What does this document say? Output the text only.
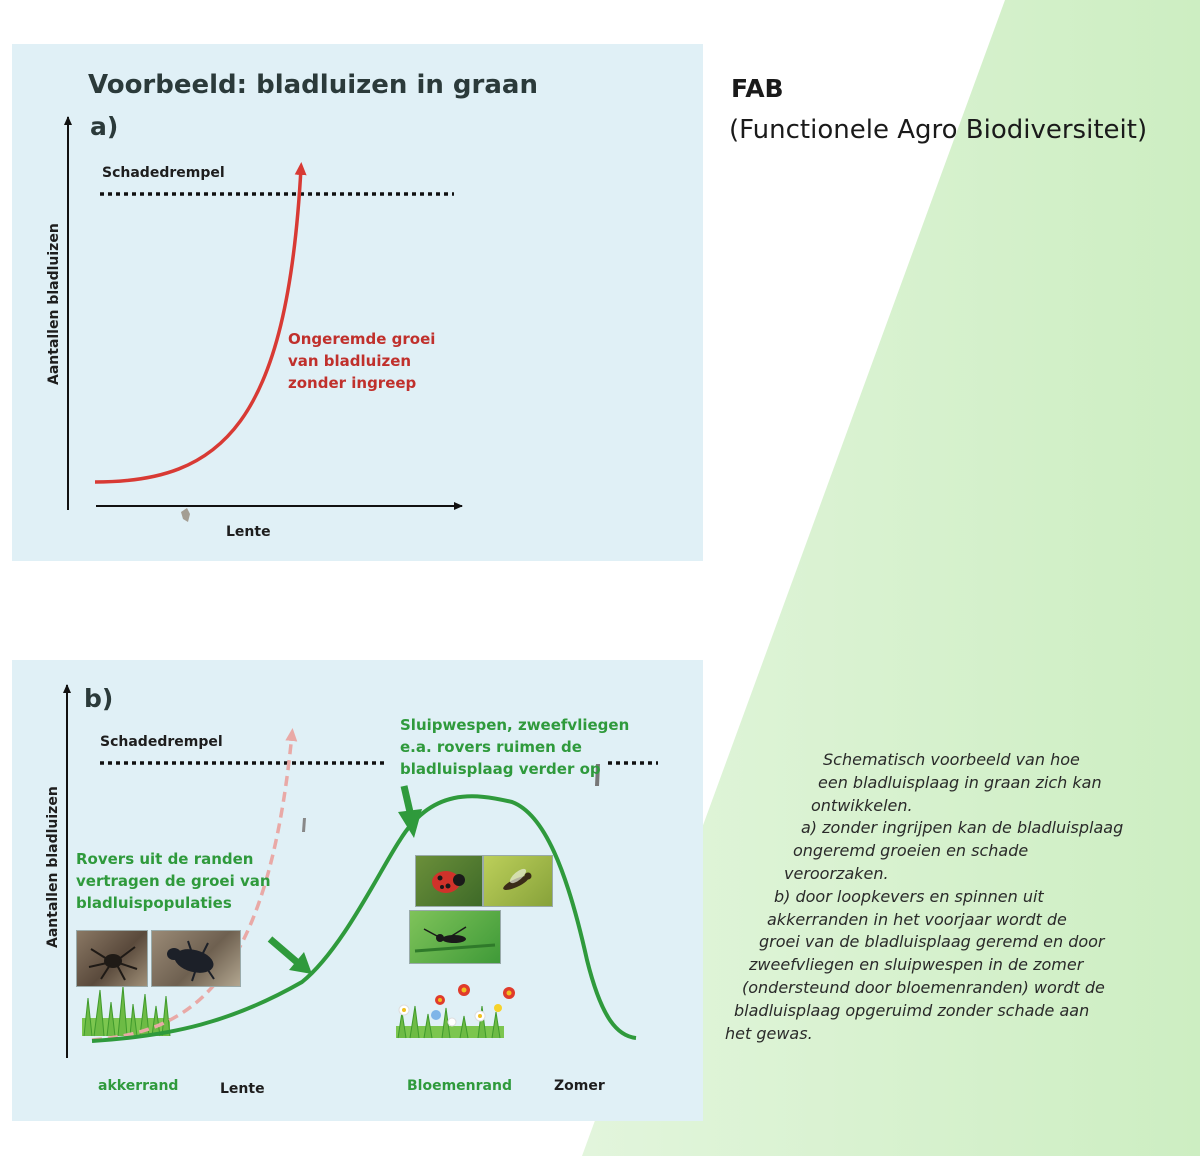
Voorbeeld: bladluizen in graan
a)
Schadedrempel
Aantallen bladluizen
Lente
Ongeremde groei
van bladluizen
zonder ingreep
b)
Schadedrempel
Aantallen bladluizen Rovers uit de randen
vertragen de groei van
bladluispopulaties
Sluipwespen, zweefvliegen
e.a. rovers ruimen de
bladluisplaag verder op
akkerrand	Lente	Bloemenrand	Zomer
FAB
(Functionele Agro Biodiversiteit)
Schematisch voorbeeld van hoe
een bladluisplaag in graan zich kan
ontwikkelen.
a) zonder ingrijpen kan de bladluisplaag
ongeremd groeien en schade
veroorzaken.
b) door loopkevers en spinnen uit
akkerranden in het voorjaar wordt de
groei van de bladluisplaag geremd en door
zweefvliegen en sluipwespen in de zomer
(ondersteund door bloemenranden) wordt de
bladluisplaag opgeruimd zonder schade aan
het gewas.
